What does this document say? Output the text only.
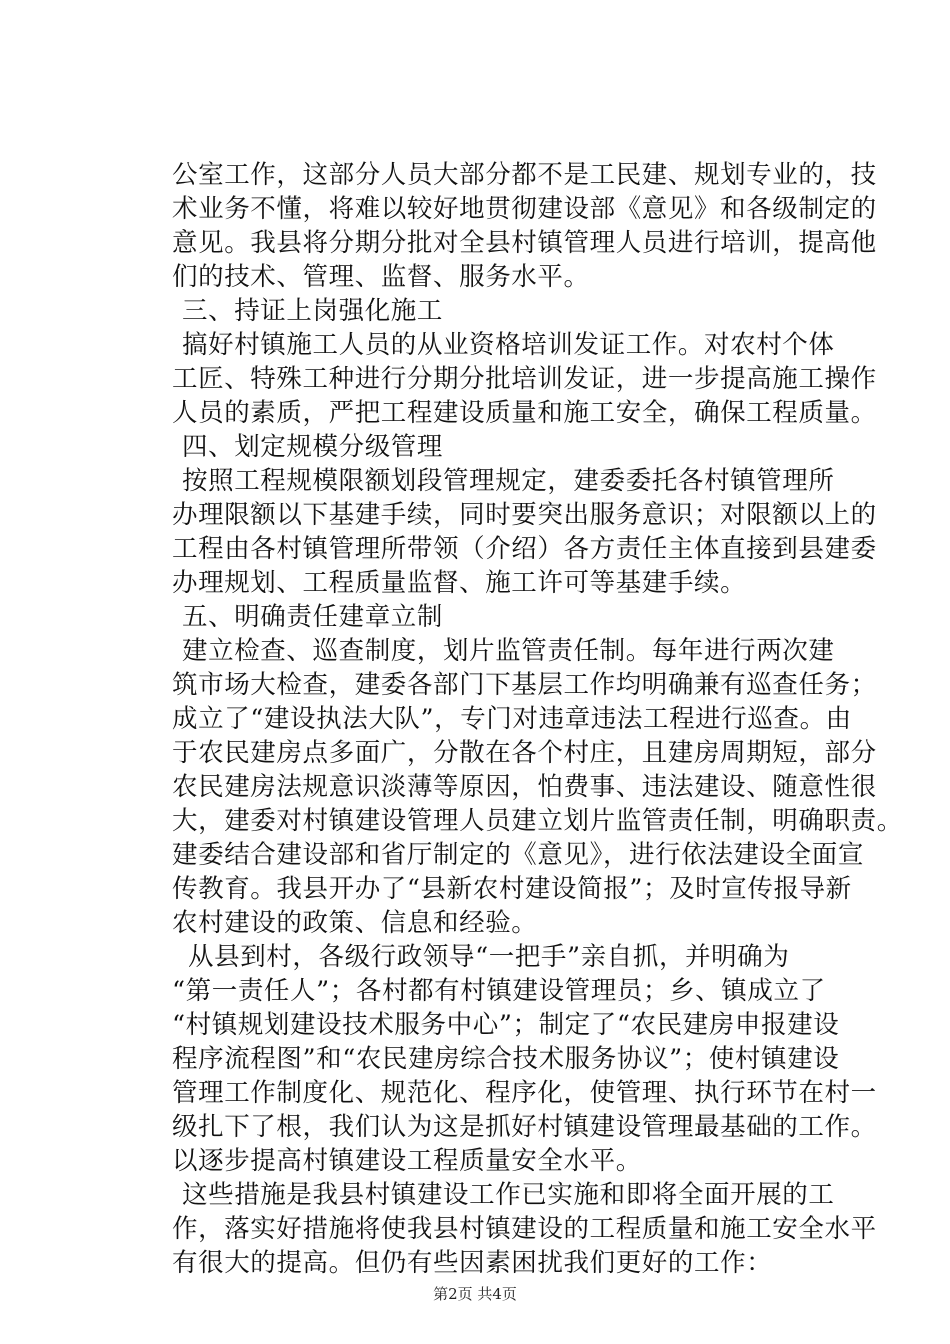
公室工作，这部分人员大部分都不是工民建、规划专业的，技
术业务不懂，将难以较好地贯彻建设部《意见》和各级制定的
意见。我县将分期分批对全县村镇管理人员进行培训，提高他
们的技术、管理、监督、服务水平。
三、持证上岗强化施工
搞好村镇施工人员的从业资格培训发证工作。对农村个体
工匠、特殊工种进行分期分批培训发证，进一步提高施工操作
人员的素质，严把工程建设质量和施工安全，确保工程质量。
四、划定规模分级管理
按照工程规模限额划段管理规定，建委委托各村镇管理所
办理限额以下基建手续，同时要突出服务意识；对限额以上的
工程由各村镇管理所带领（介绍）各方责任主体直接到县建委
办理规划、工程质量监督、施工许可等基建手续。
五、明确责任建章立制
建立检查、巡查制度，划片监管责任制。每年进行两次建
筑市场大检查，建委各部门下基层工作均明确兼有巡查任务；
成立了“建设执法大队”，专门对违章违法工程进行巡查。由
于农民建房点多面广，分散在各个村庄，且建房周期短，部分
农民建房法规意识淡薄等原因，怕费事、违法建设、随意性很
大，建委对村镇建设管理人员建立划片监管责任制，明确职责。
建委结合建设部和省厅制定的《意见》，进行依法建设全面宣
传教育。我县开办了“县新农村建设简报”；及时宣传报导新
农村建设的政策、信息和经验。
从县到村，各级行政领导“一把手”亲自抓，并明确为
“第一责任人”；各村都有村镇建设管理员；乡、镇成立了
“村镇规划建设技术服务中心”；制定了“农民建房申报建设
程序流程图”和“农民建房综合技术服务协议”；使村镇建设
管理工作制度化、规范化、程序化，使管理、执行环节在村一
级扎下了根，我们认为这是抓好村镇建设管理最基础的工作。
以逐步提高村镇建设工程质量安全水平。
这些措施是我县村镇建设工作已实施和即将全面开展的工
作，落实好措施将使我县村镇建设的工程质量和施工安全水平
有很大的提高。但仍有些因素困扰我们更好的工作：
第2页 共4页
